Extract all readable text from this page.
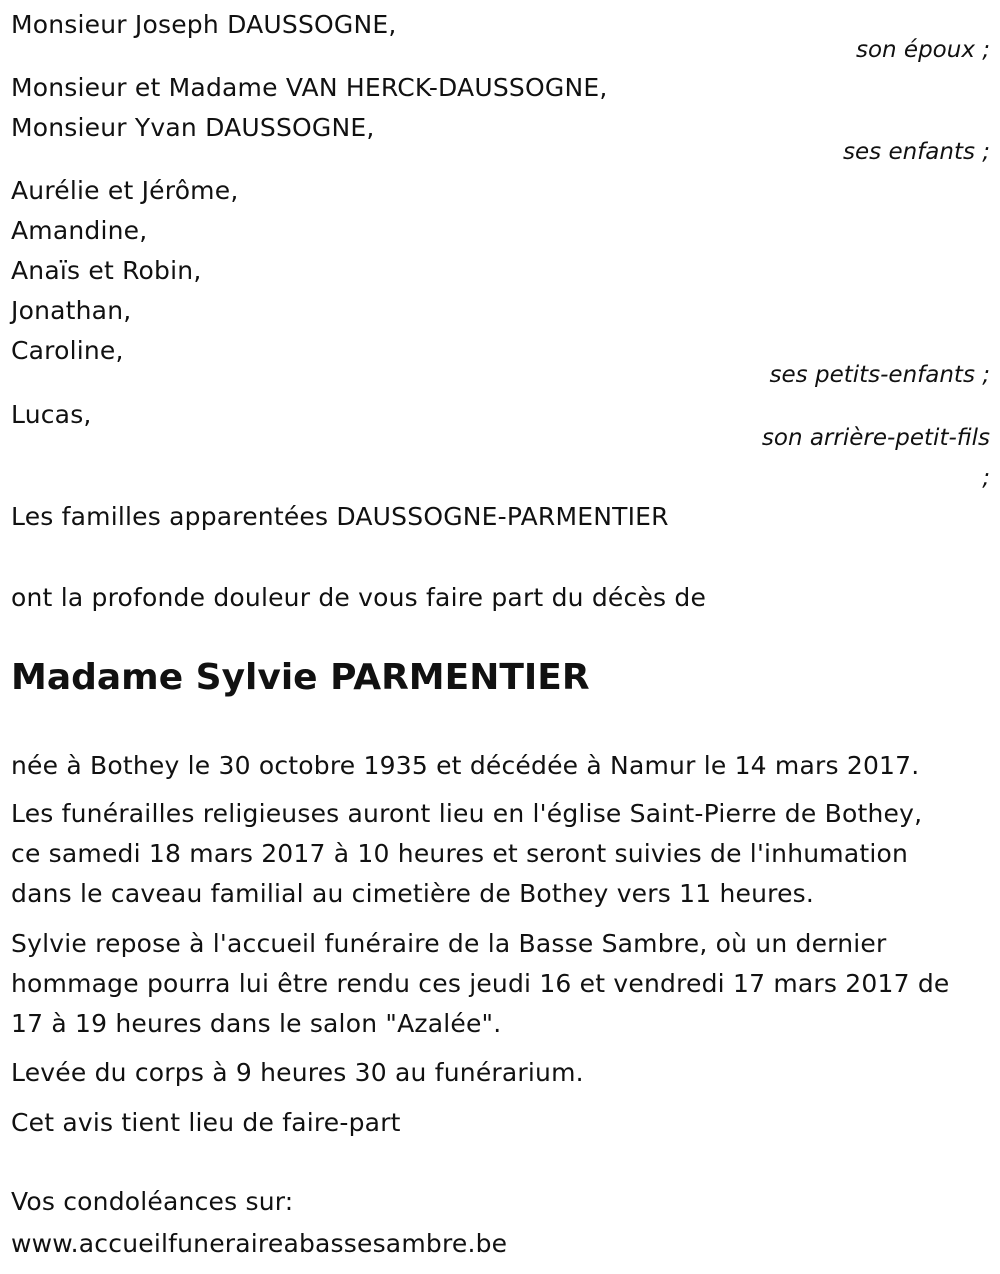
Monsieur Joseph DAUSSOGNE,
son époux ;
Monsieur et Madame VAN HERCK-DAUSSOGNE,
Monsieur Yvan DAUSSOGNE,
ses enfants ;
Aurélie et Jérôme,
Amandine,
Anaïs et Robin,
Jonathan,
Caroline,
ses petits-enfants ;
Lucas,
son arrière-petit-fils
;
Les familles apparentées DAUSSOGNE-PARMENTIER
ont la profonde douleur de vous faire part du décès de
Madame Sylvie PARMENTIER
née à Bothey le 30 octobre 1935 et décédée à Namur le 14 mars 2017.
Les funérailles religieuses auront lieu en l'église Saint-Pierre de Bothey,
ce samedi 18 mars 2017 à 10 heures et seront suivies de l'inhumation
dans le caveau familial au cimetière de Bothey vers 11 heures.
Sylvie repose à l'accueil funéraire de la Basse Sambre, où un dernier
hommage pourra lui être rendu ces jeudi 16 et vendredi 17 mars 2017 de
17 à 19 heures dans le salon "Azalée".
Levée du corps à 9 heures 30 au funérarium.
Cet avis tient lieu de faire-part
Vos condoléances sur:
www.accueilfuneraireabassesambre.be
